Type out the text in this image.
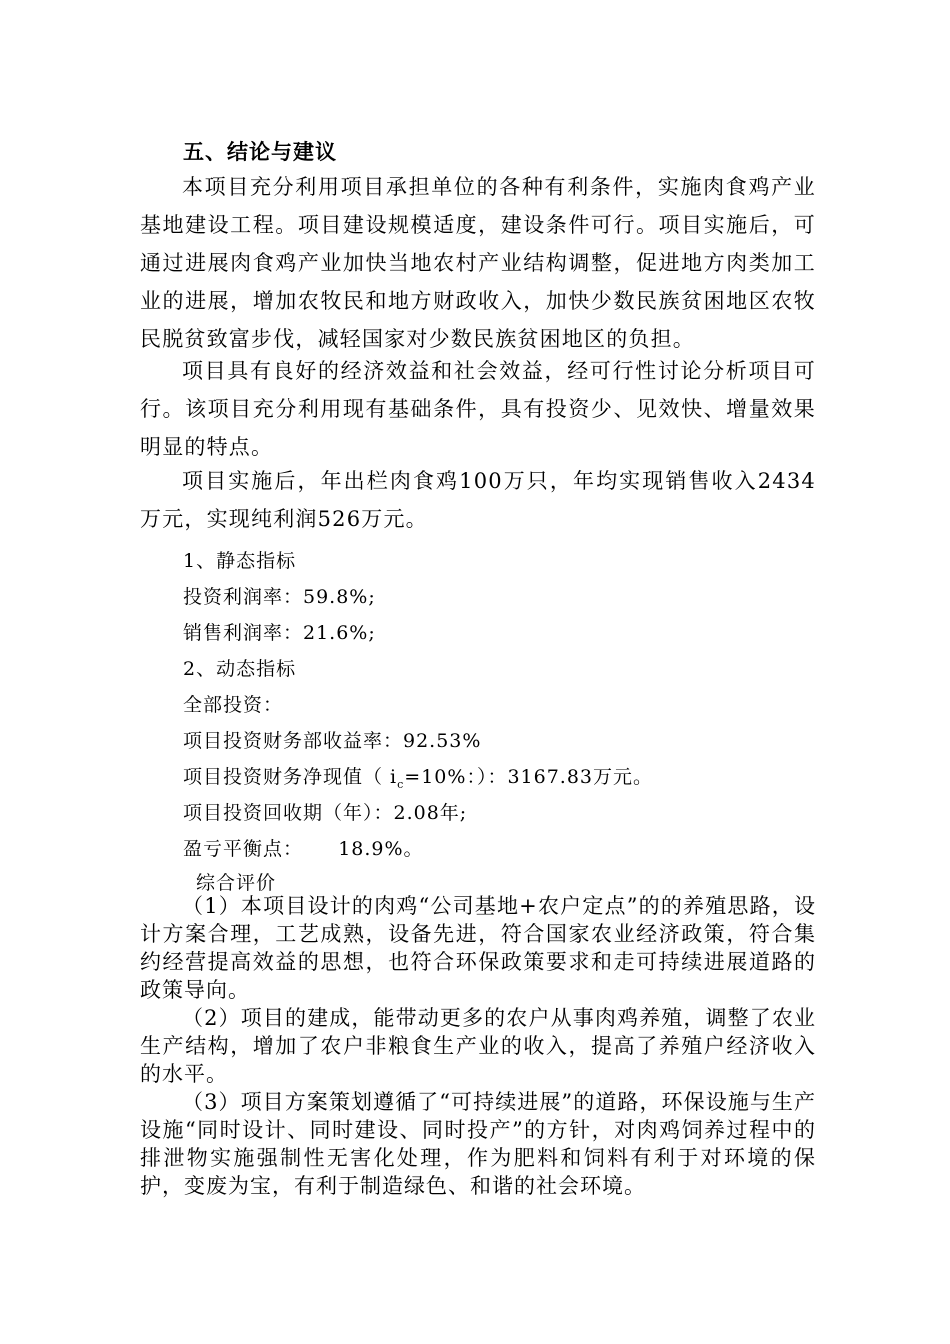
五、结论与建议
本项目充分利用项目承担单位的各种有利条件，实施肉食鸡产业基地建设工程。项目建设规模适度，建设条件可行。项目实施后，可通过进展肉食鸡产业加快当地农村产业结构调整，促进地方肉类加工业的进展，增加农牧民和地方财政收入，加快少数民族贫困地区农牧民脱贫致富步伐，减轻国家对少数民族贫困地区的负担。
项目具有良好的经济效益和社会效益，经可行性讨论分析项目可行。该项目充分利用现有基础条件，具有投资少、见效快、增量效果明显的特点。
项目实施后，年出栏肉食鸡100万只，年均实现销售收入2434万元，实现纯利润526万元。
1、静态指标
投资利润率：59.8%;
销售利润率：21.6%;
2、动态指标
全部投资：
项目投资财务部收益率：92.53%
项目投资财务净现值（ $i_c=10\%$：）：3167.83万元。
项目投资回收期（年）：2.08年;
盈亏平衡点：     18.9%。
综合评价
（1）本项目设计的肉鸡“公司基地+农户定点”的的养殖思路，设计方案合理，工艺成熟，设备先进，符合国家农业经济政策，符合集约经营提高效益的思想，也符合环保政策要求和走可持续进展道路的政策导向。
（2）项目的建成，能带动更多的农户从事肉鸡养殖，调整了农业生产结构，增加了农户非粮食生产业的收入，提高了养殖户经济收入的水平。
（3）项目方案策划遵循了“可持续进展”的道路，环保设施与生产设施“同时设计、同时建设、同时投产”的方针，对肉鸡饲养过程中的排泄物实施强制性无害化处理，作为肥料和饲料有利于对环境的保护，变废为宝，有利于制造绿色、和谐的社会环境。
